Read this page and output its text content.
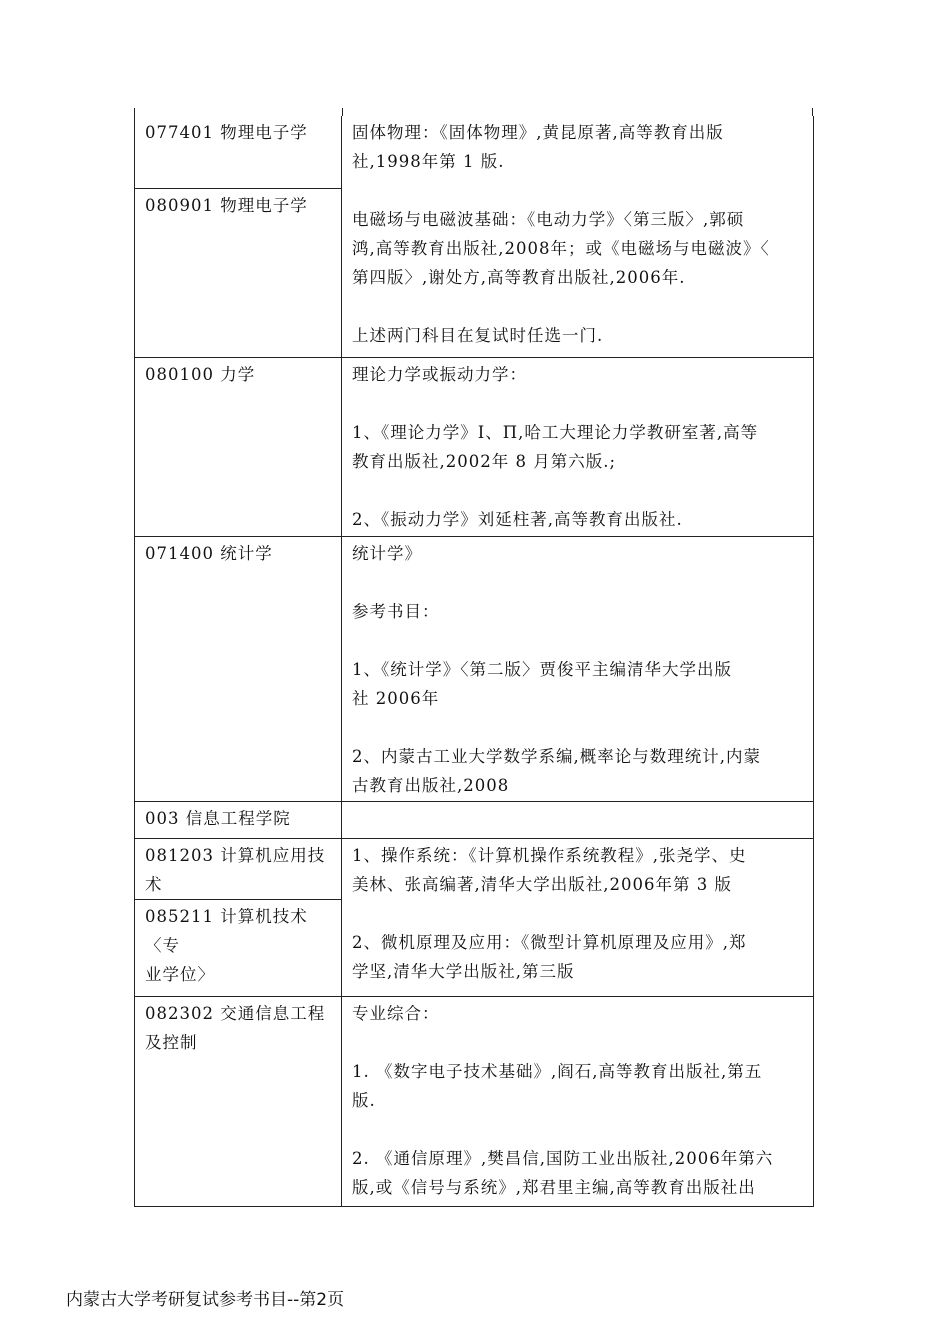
077401 物理电子学
080901 物理电子学

固体物理：《固体物理》,黄昆原著,高等教育出版

社,1998年第 1 版.

电磁场与电磁波基础：《电动力学》〈第三版〉,郭硕

鸿,高等教育出版社,2008年；或《电磁场与电磁波》〈

第四版〉,谢处方,高等教育出版社,2006年.

上述两门科目在复试时任选一门.

080100 力学	理论力学或振动力学：

1、《理论力学》I、Π,哈工大理论力学教研室著,高等

教育出版社,2002年 8 月第六版.;

2、《振动力学》刘延柱著,高等教育出版社.

071400 统计学	统计学》

参考书目：

1、《统计学》〈第二版〉贾俊平主编清华大学出版

社 2006年

2、内蒙古工业大学数学系编,概率论与数理统计,内蒙

古教育出版社,2008

003 信息工程学院
081203 计算机应用技
术
085211 计算机技术〈专
业学位〉

1、操作系统：《计算机操作系统教程》,张尧学、史

美林、张高编著,清华大学出版社,2006年第 3 版

2、微机原理及应用：《微型计算机原理及应用》,郑

学坚,清华大学出版社,第三版

082302 交通信息工程
及控制

专业综合：

1. 《数字电子技术基础》,阎石,高等教育出版社,第五

版.

2. 《通信原理》,樊昌信,国防工业出版社,2006年第六

版,或《信号与系统》,郑君里主编,高等教育出版社出

内蒙古大学考研复试参考书目--第2页
